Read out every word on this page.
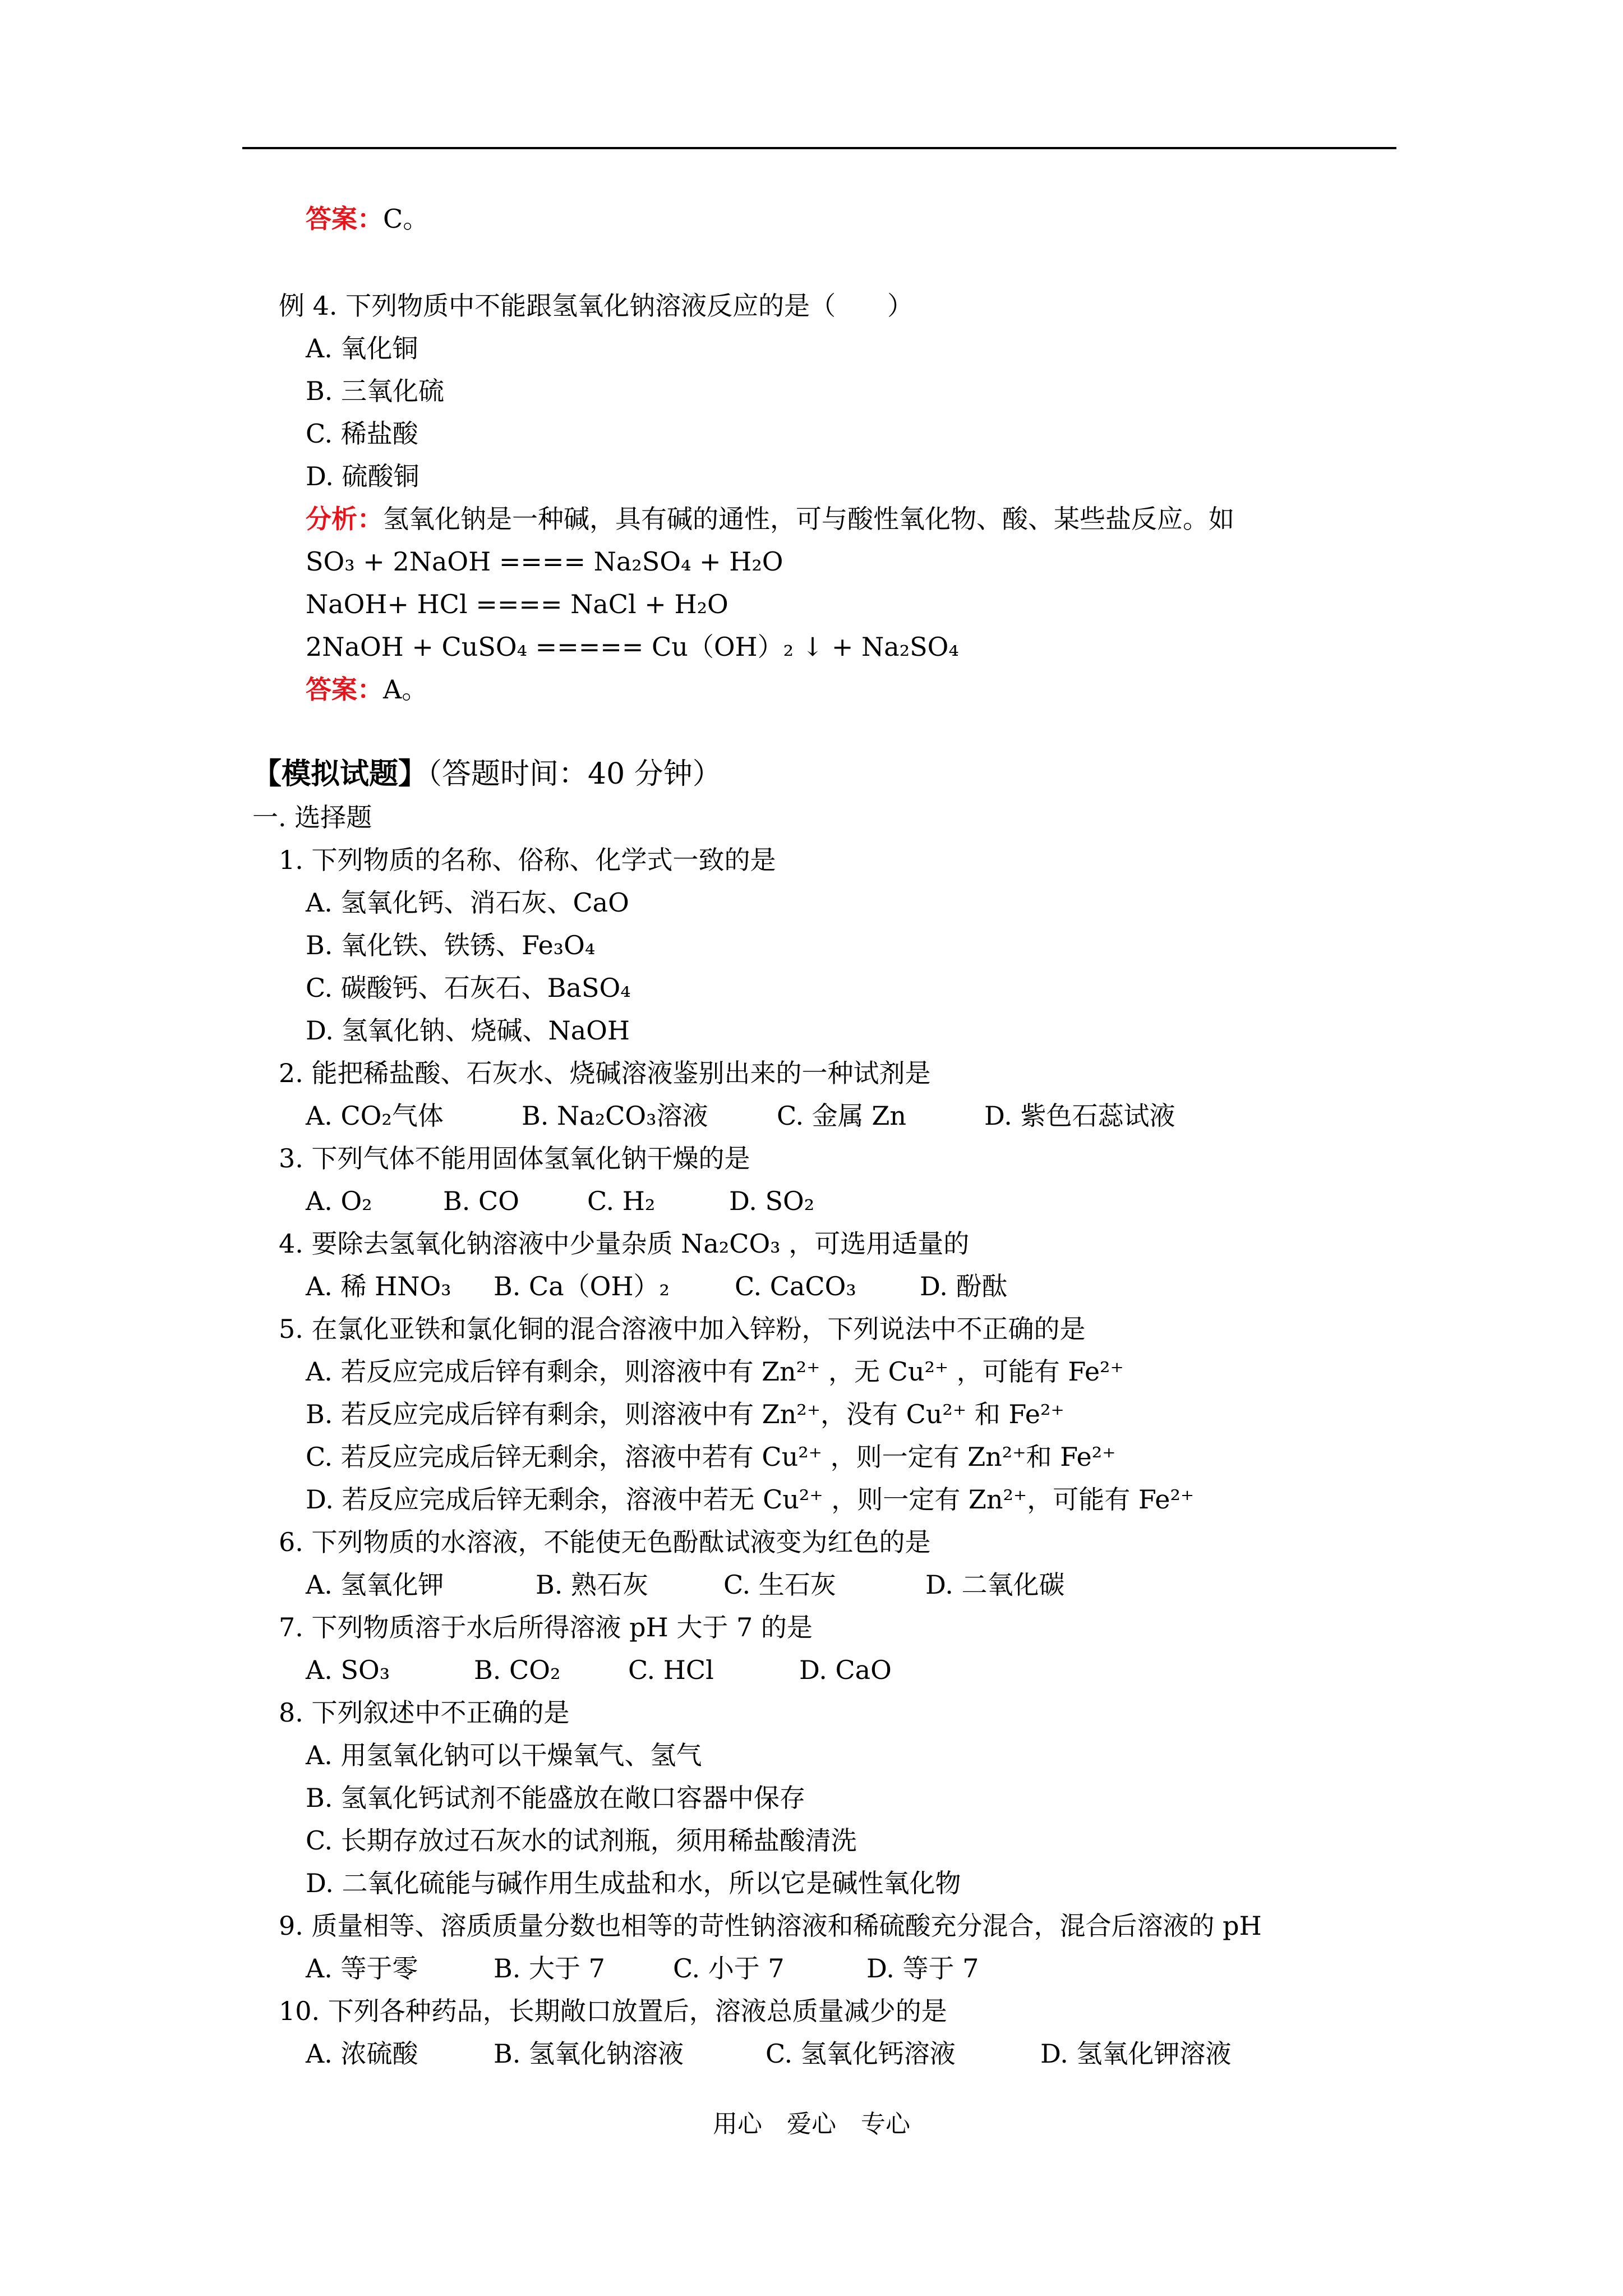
答案：C。
例 4. 下列物质中不能跟氢氧化钠溶液反应的是（　　）
A. 氧化铜
B. 三氧化硫
C. 稀盐酸
D. 硫酸铜
分析：氢氧化钠是一种碱，具有碱的通性，可与酸性氧化物、酸、某些盐反应。如
SO₃ + 2NaOH ==== Na₂SO₄ + H₂O
NaOH+ HCl ==== NaCl + H₂O
2NaOH + CuSO₄ ===== Cu（OH）₂ ↓ + Na₂SO₄
答案：A。
【模拟试题】（答题时间：40 分钟）
一. 选择题
1. 下列物质的名称、俗称、化学式一致的是
A. 氢氧化钙、消石灰、CaO
B. 氧化铁、铁锈、Fe₃O₄
C. 碳酸钙、石灰石、BaSO₄
D. 氢氧化钠、烧碱、NaOH
2. 能把稀盐酸、石灰水、烧碱溶液鉴别出来的一种试剂是
A. CO₂气体	B. Na₂CO₃溶液	C. 金属 Zn	D. 紫色石蕊试液
3. 下列气体不能用固体氢氧化钠干燥的是
A. O₂	B. CO	C. H₂	D. SO₂
4. 要除去氢氧化钠溶液中少量杂质 Na₂CO₃ ，可选用适量的
A. 稀 HNO₃ B. Ca（OH）₂	C. CaCO₃ D. 酚酞
5. 在氯化亚铁和氯化铜的混合溶液中加入锌粉，下列说法中不正确的是
A. 若反应完成后锌有剩余，则溶液中有 Zn²⁺ ，无 Cu²⁺ ，可能有 Fe²⁺
B. 若反应完成后锌有剩余，则溶液中有 Zn²⁺，没有 Cu²⁺ 和 Fe²⁺
C. 若反应完成后锌无剩余，溶液中若有 Cu²⁺ ，则一定有 Zn²⁺和 Fe²⁺
D. 若反应完成后锌无剩余，溶液中若无 Cu²⁺ ，则一定有 Zn²⁺，可能有 Fe²⁺
6. 下列物质的水溶液，不能使无色酚酞试液变为红色的是
A. 氢氧化钾	B. 熟石灰	C. 生石灰	D. 二氧化碳
7. 下列物质溶于水后所得溶液 pH 大于 7 的是
A. SO₃	B. CO₂	C. HCl	D. CaO
8. 下列叙述中不正确的是
A. 用氢氧化钠可以干燥氧气、氢气
B. 氢氧化钙试剂不能盛放在敞口容器中保存
C. 长期存放过石灰水的试剂瓶，须用稀盐酸清洗
D. 二氧化硫能与碱作用生成盐和水，所以它是碱性氧化物
9. 质量相等、溶质质量分数也相等的苛性钠溶液和稀硫酸充分混合，混合后溶液的 pH
A. 等于零	B. 大于 7	C. 小于 7	D. 等于 7
10. 下列各种药品，长期敞口放置后，溶液总质量减少的是
A. 浓硫酸	B. 氢氧化钠溶液	C. 氢氧化钙溶液	D. 氢氧化钾溶液
用心　爱心　专心
